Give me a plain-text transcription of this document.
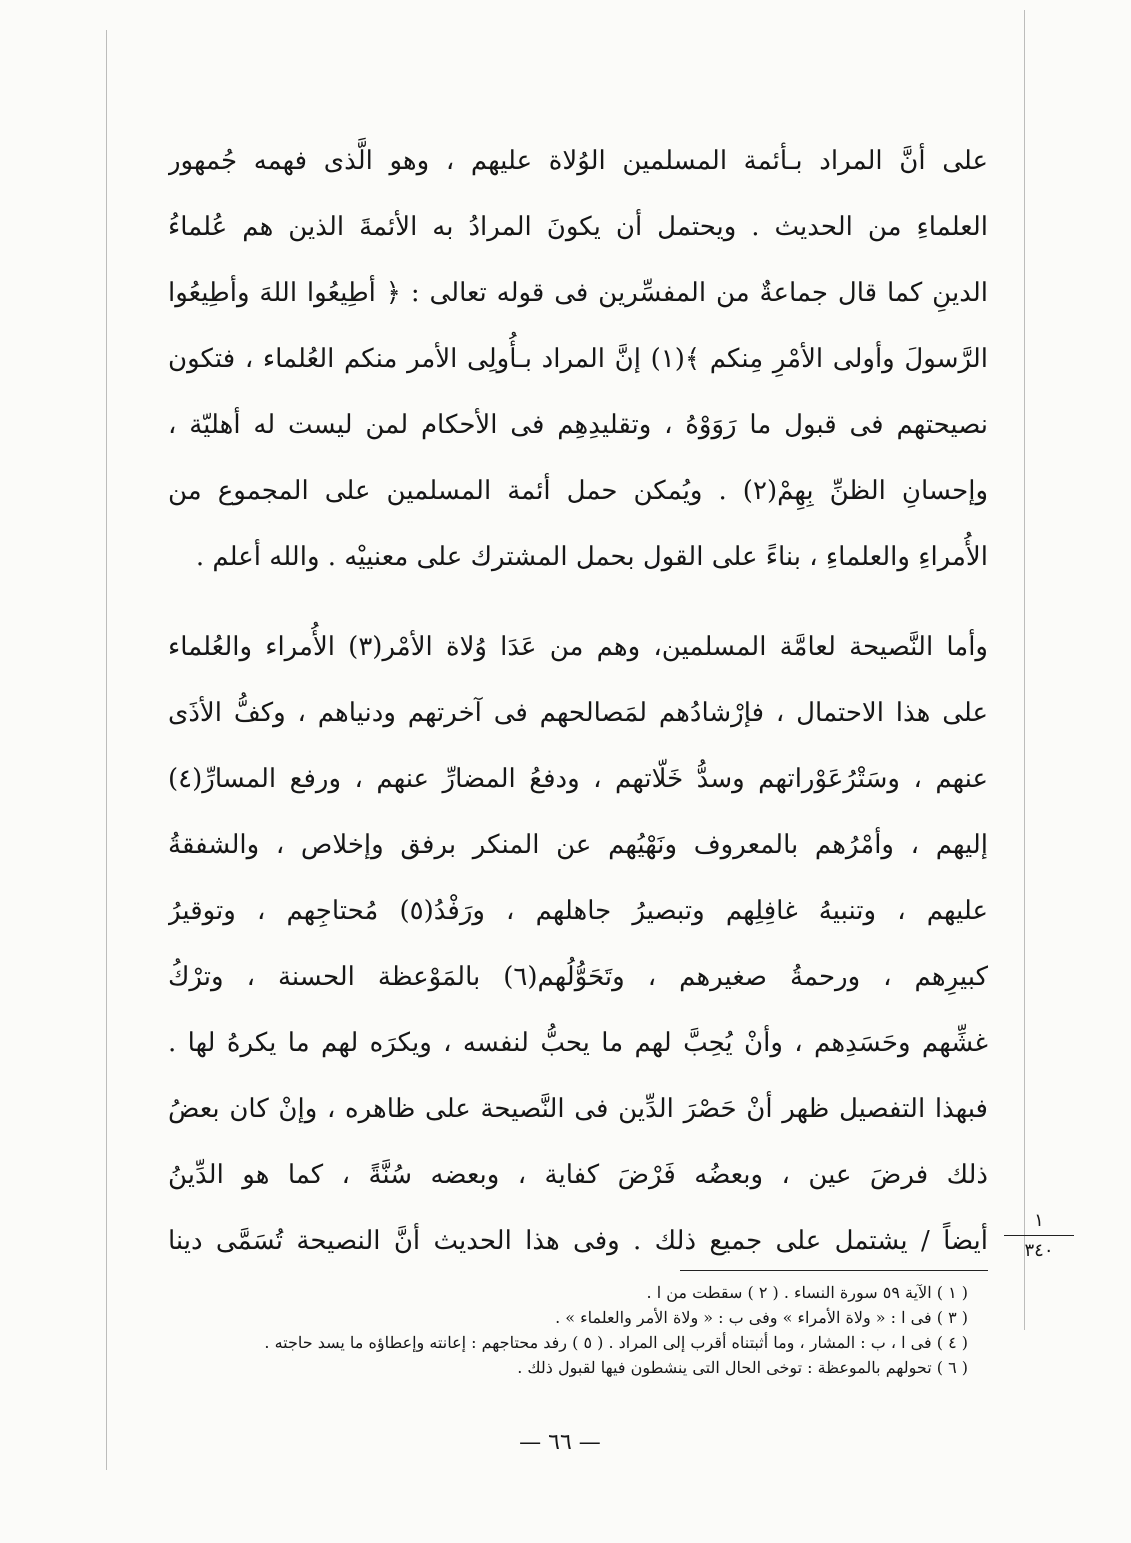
على أنَّ المراد بـأئمة المسلمين الوُلاة عليهم ، وهو الَّذى فهمه جُمهور
العلماءِ من الحديث . ويحتمل أن يكونَ المرادُ به الأئمةَ الذين هم عُلماءُ
الدينِ كما قال جماعةٌ من المفسِّرين فى قوله تعالى : ﴿ أطِيعُوا اللهَ وأطِيعُوا
الرَّسولَ وأولى الأمْرِ مِنكم ﴾(١) إنَّ المراد بـأُولِى الأمر منكم العُلماء ، فتكون
نصيحتهم فى قبول ما رَوَوْهُ ، وتقليدِهِم فى الأحكام لمن ليست له أهليّة ،
وإحسانِ الظنِّ بِهِمْ(٢) . ويُمكن حمل أئمة المسلمين على المجموع من
الأُمراءِ والعلماءِ ، بناءً على القول بحمل المشترك على معنييْه . والله أعلم .
وأما النَّصيحة لعامَّة المسلمين، وهم من عَدَا وُلاة الأمْر(٣) الأُمراء والعُلماء
على هذا الاحتمال ، فإرْشادُهم لمَصالحهم فى آخرتهم ودنياهم ، وكفُّ الأذَى
عنهم ، وسَتْرُعَوْراتهم وسدُّ خَلّاتهم ، ودفعُ المضارِّ عنهم ، ورفع المسارِّ(٤)
إليهم ، وأمْرُهم بالمعروف ونَهْيُهم عن المنكر برفق وإخلاص ، والشفقةُ
عليهم ، وتنبيهُ غافِلِهم وتبصيرُ جاهلهم ، ورَفْدُ(٥) مُحتاجِهم ، وتوقيرُ
كبيرِهم ، ورحمةُ صغيرهم ، وتَحَوُّلُهم(٦) بالمَوْعظة الحسنة ، وترْكُ
غشِّهم وحَسَدِهم ، وأنْ يُحِبَّ لهم ما يحبُّ لنفسه ، ويكرَه لهم ما يكرهُ لها .
فبهذا التفصيل ظهر أنْ حَصْرَ الدِّين فى النَّصيحة على ظاهره ، وإنْ كان بعضُ
ذلك فرضَ عين ، وبعضُه فَرْضَ كفاية ، وبعضه سُنَّةً ، كما هو الدِّينُ
أيضاً / يشتمل على جميع ذلك . وفى هذا الحديث أنَّ النصيحة تُسَمَّى دينا
١
٣٤٠
( ١ ) الآية ٥٩ سورة النساء . ( ٢ ) سقطت من ا .
( ٣ ) فى ا : « ولاة الأمراء » وفى ب : « ولاة الأمر والعلماء » .
( ٤ ) فى ا ، ب : المشار ، وما أثبتناه أقرب إلى المراد . ( ٥ ) رفد محتاجهم : إعانته وإعطاؤه ما يسد حاجته .
( ٦ ) تحولهم بالموعظة : توخى الحال التى ينشطون فيها لقبول ذلك .
— ٦٦ —
